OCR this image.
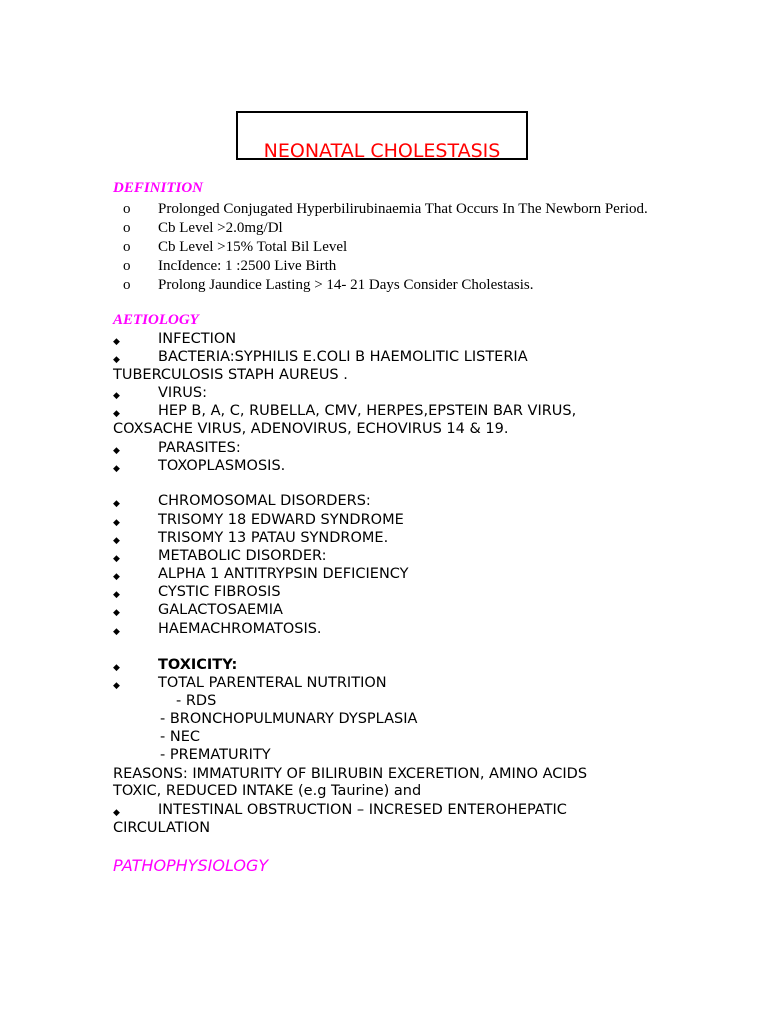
NEONATAL CHOLESTASIS
DEFINITION
o Prolonged Conjugated Hyperbilirubinaemia That Occurs In The Newborn Period.
o Cb Level >2.0mg/Dl
o Cb Level >15% Total Bil Level
o IncIdence: 1 :2500 Live Birth
o Prolong Jaundice Lasting > 14- 21 Days Consider Cholestasis.
AETIOLOGY
◆	INFECTION
◆	BACTERIA:SYPHILIS E.COLI B HAEMOLITIC LISTERIA
TUBERCULOSIS STAPH AUREUS .
◆	VIRUS:
◆	HEP B, A, C, RUBELLA, CMV, HERPES,EPSTEIN BAR VIRUS,
COXSACHE VIRUS, ADENOVIRUS, ECHOVIRUS 14 & 19.
◆	PARASITES:
◆	TOXOPLASMOSIS.
◆	CHROMOSOMAL DISORDERS:
◆	TRISOMY 18 EDWARD SYNDROME
◆	TRISOMY 13 PATAU SYNDROME.
◆	METABOLIC DISORDER:
◆	ALPHA 1 ANTITRYPSIN DEFICIENCY
◆	CYSTIC FIBROSIS
◆	GALACTOSAEMIA
◆	HAEMACHROMATOSIS.
◆	TOXICITY:
◆	TOTAL PARENTERAL NUTRITION
- RDS
- BRONCHOPULMUNARY DYSPLASIA
- NEC
- PREMATURITY
REASONS: IMMATURITY OF BILIRUBIN EXCERETION, AMINO ACIDS
TOXIC, REDUCED INTAKE (e.g Taurine) and
◆	INTESTINAL OBSTRUCTION – INCRESED ENTEROHEPATIC
CIRCULATION
PATHOPHYSIOLOGY
